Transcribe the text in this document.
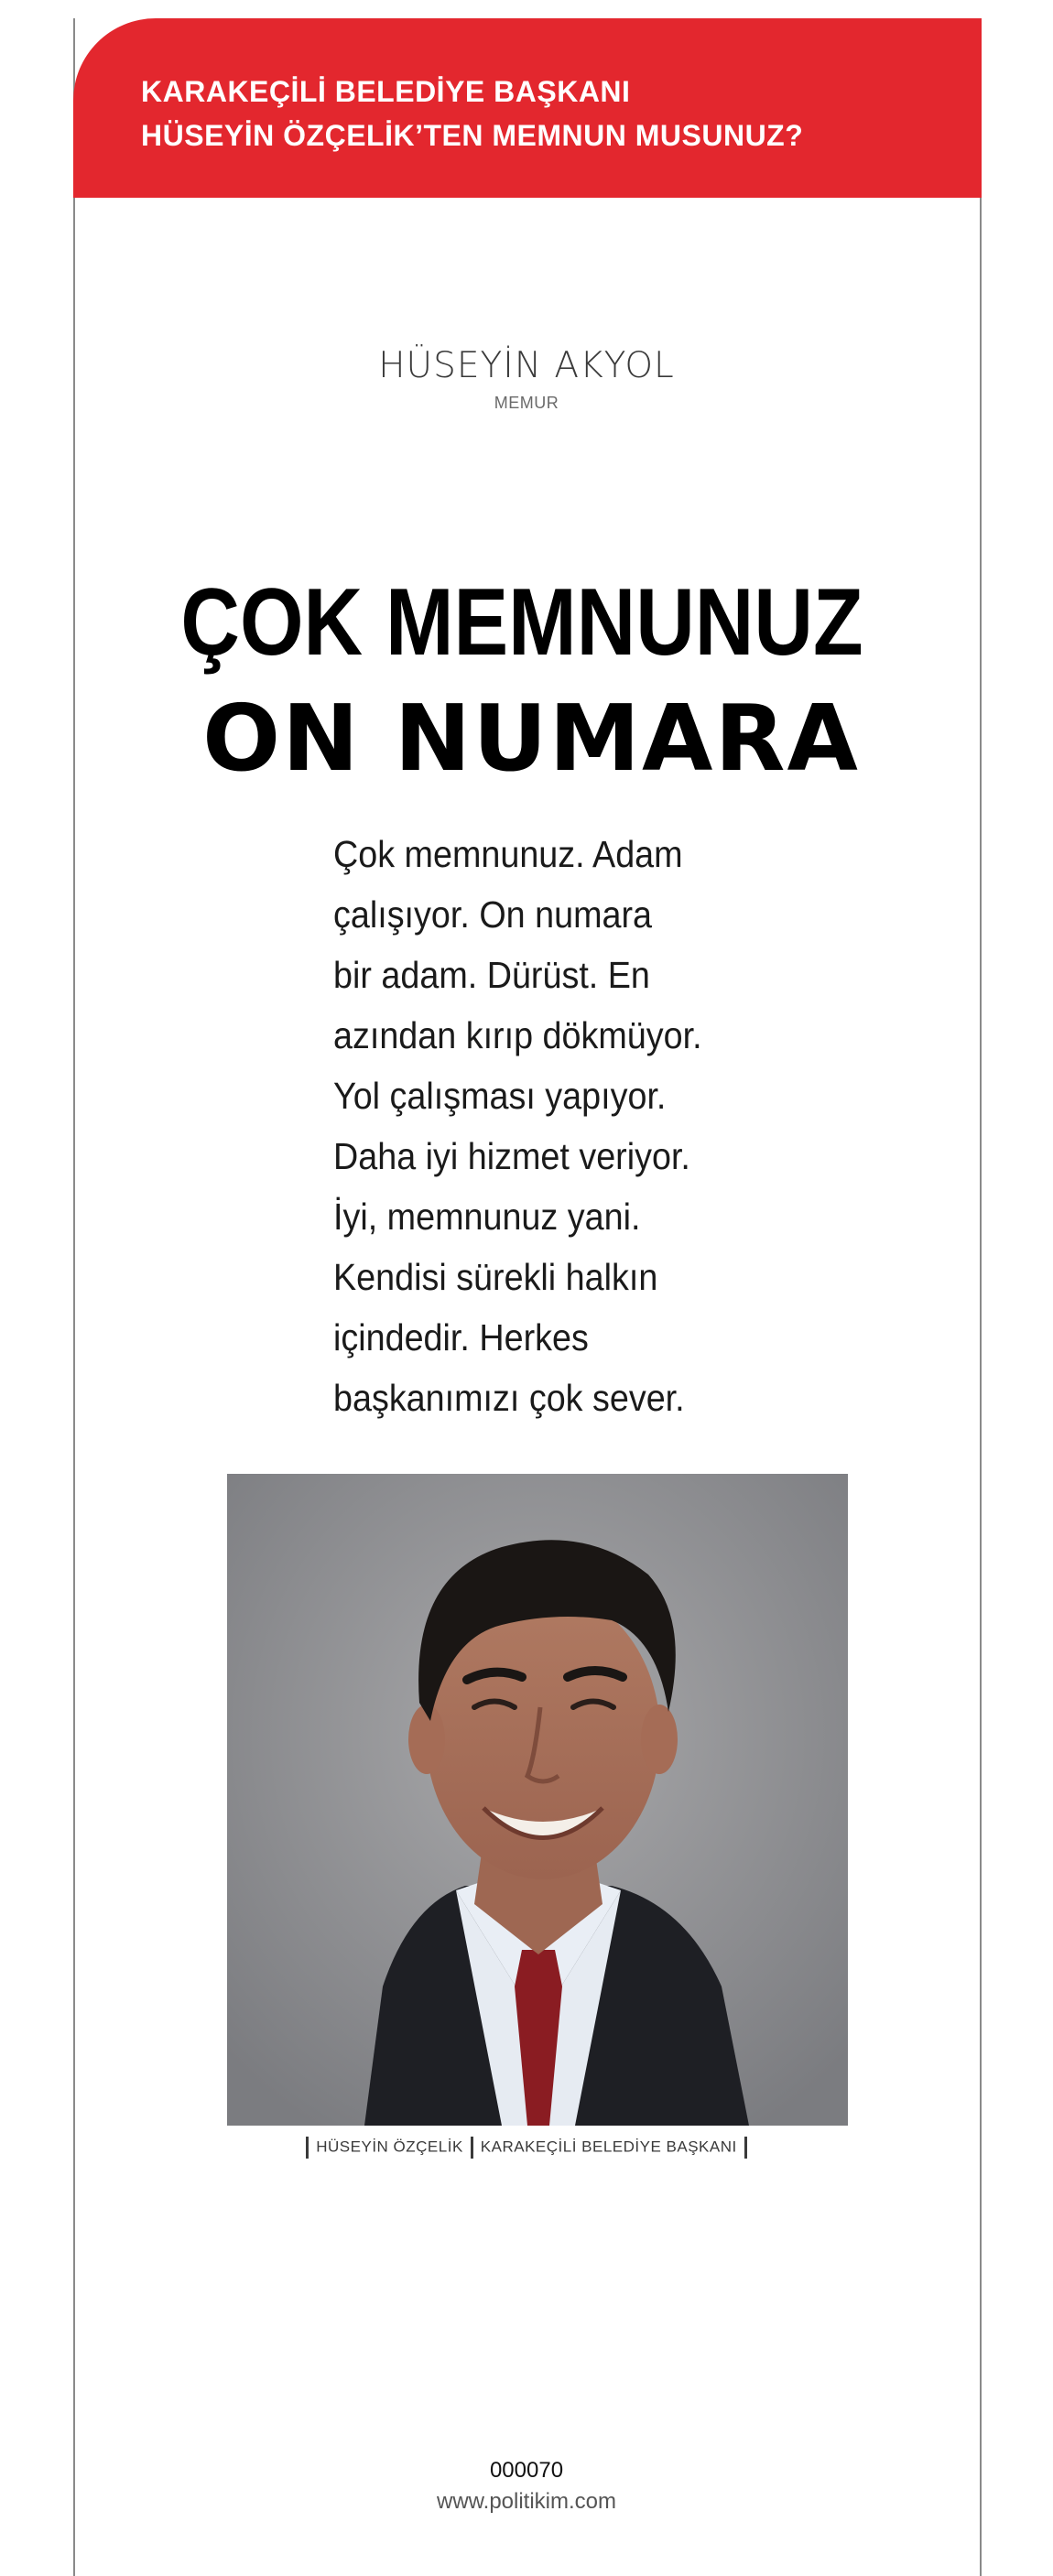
KARAKEÇİLİ BELEDİYE BAŞKANI
HÜSEYİN ÖZÇELİK’TEN MEMNUN MUSUNUZ?
HÜSEYİN AKYOL
MEMUR
ÇOK MEMNUNUZ
ON NUMARA
Çok memnunuz. Adam
çalışıyor. On numara
bir adam. Dürüst. En
azından kırıp dökmüyor.
Yol çalışması yapıyor.
Daha iyi hizmet veriyor.
İyi, memnunuz yani.
Kendisi sürekli halkın
içindedir. Herkes
başkanımızı çok sever.
HÜSEYİN ÖZÇELİK KARAKEÇİLİ BELEDİYE BAŞKANI
000070
www.politikim.com
